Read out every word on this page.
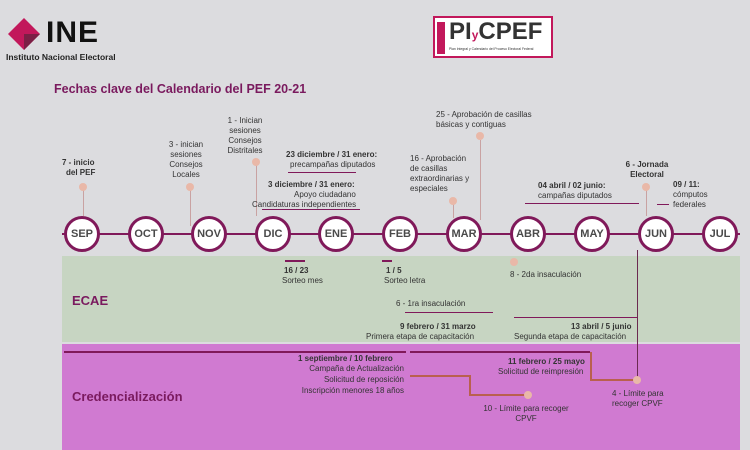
INE
Instituto Nacional Electoral
PIyCPEF
Plan Integral y Calendario del Proceso Electoral Federal
Fechas clave del Calendario del PEF 20-21
ECAE
Credencialización
SEP	OCT	NOV	DIC	ENE	FEB	MAR	ABR	MAY	JUN	JUL
7 - inicio
del PEF
3 - inician
sesiones
Consejos
Locales
1 - Inician
sesiones
Consejos
Distritales	23 diciembre / 31 enero:
precampañas diputados
3 diciembre / 31 enero:
Apoyo ciudadano
Candidaturas independientes
25 - Aprobación de casillas
básicas y contiguas
16 - Aprobación
de casillas
extraordinarias y
especiales	04 abril / 02 junio:
campañas diputados
6 - Jornada
Electoral
09 / 11:
cómputos
federales
16 / 23
Sorteo mes
1 / 5
Sorteo letra
8 - 2da insaculación
6 - 1ra insaculación
9 febrero / 31 marzo
Primera etapa de capacitación
13 abril / 5 junio
Segunda etapa de capacitación
1 septiembre / 10 febrero
Campaña de Actualización
Solicitud de reposición
Inscripción menores 18 años
11 febrero / 25 mayo
Solicitud de reimpresión
10 - Límite para recoger
CPVF
4 - Límite para
recoger CPVF
